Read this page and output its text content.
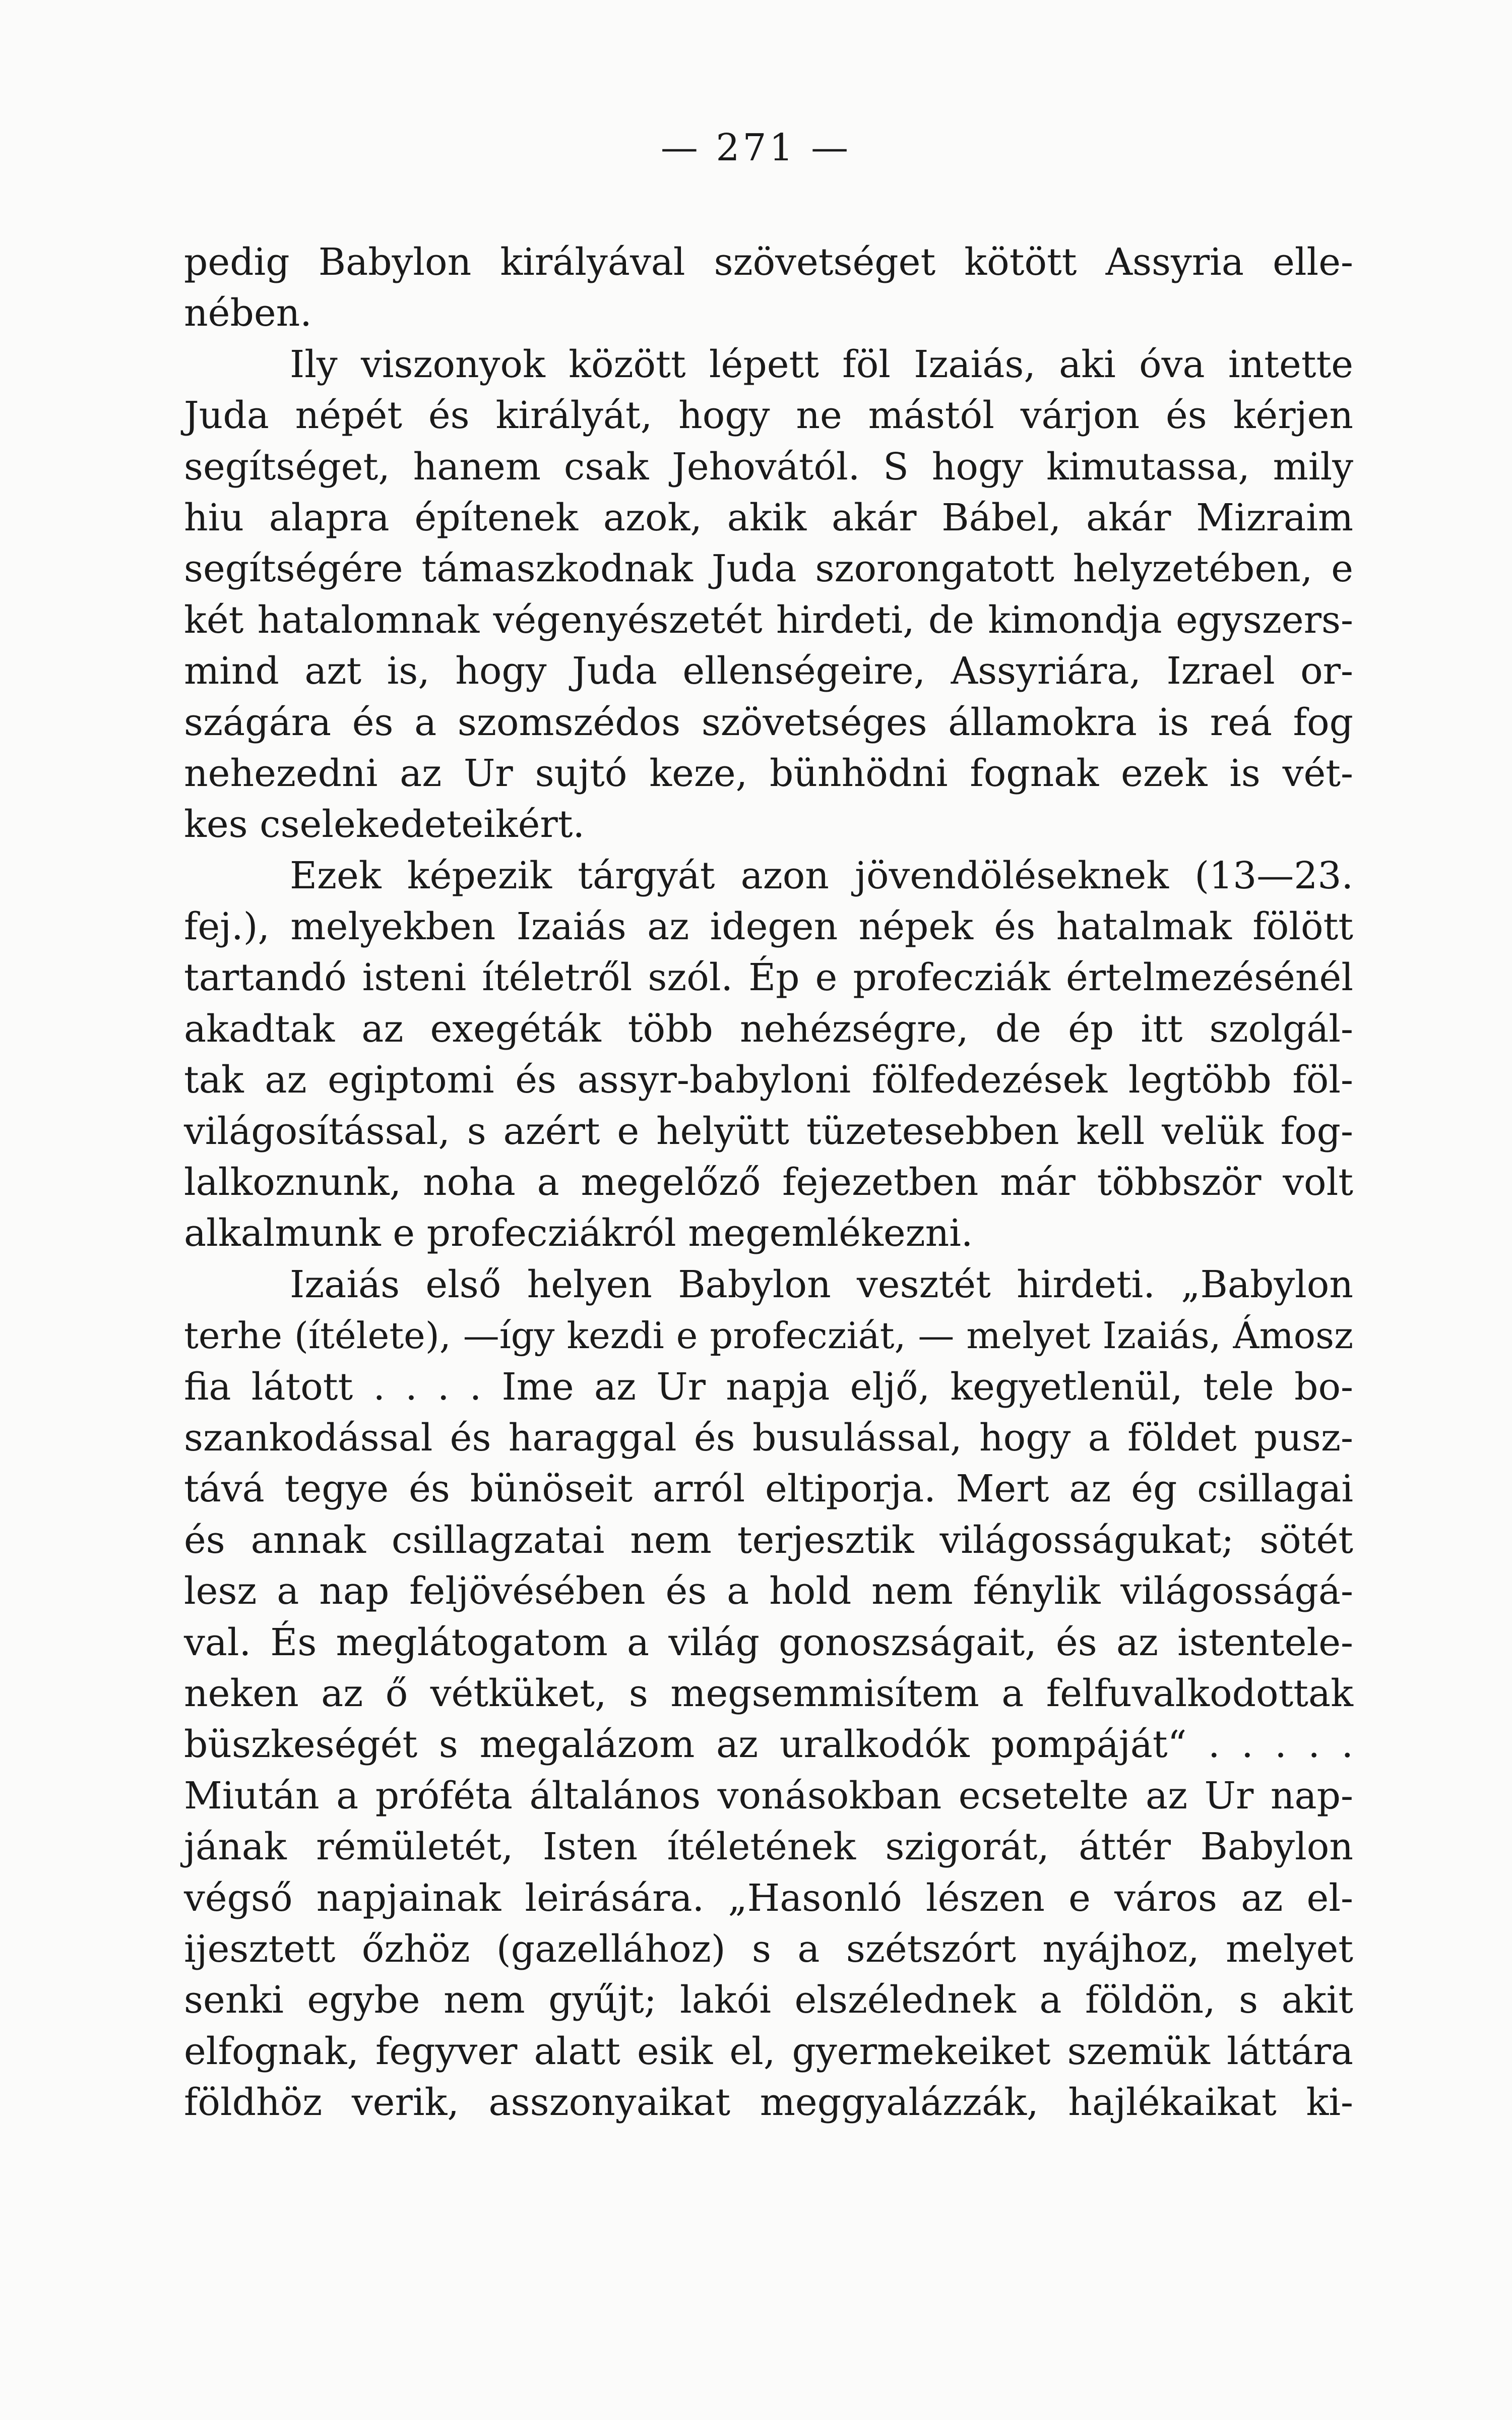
— 271 —
pedig Babylon királyával szövetséget kötött Assyria elle-
nében.
Ily viszonyok között lépett föl Izaiás, aki óva intette
Juda népét és királyát, hogy ne mástól várjon és kérjen
segítséget, hanem csak Jehovától. S hogy kimutassa, mily
hiu alapra építenek azok, akik akár Bábel, akár Mizraim
segítségére támaszkodnak Juda szorongatott helyzetében, e
két hatalomnak végenyészetét hirdeti, de kimondja egyszers-
mind azt is, hogy Juda ellenségeire, Assyriára, Izrael or-
szágára és a szomszédos szövetséges államokra is reá fog
nehezedni az Ur sujtó keze, bünhödni fognak ezek is vét-
kes cselekedeteikért.
Ezek képezik tárgyát azon jövendöléseknek (13—23.
fej.), melyekben Izaiás az idegen népek és hatalmak fölött
tartandó isteni ítéletről szól. Ép e profecziák értelmezésénél
akadtak az exegéták több nehézségre, de ép itt szolgál-
tak az egiptomi és assyr-babyloni fölfedezések legtöbb föl-
világosítással, s azért e helyütt tüzetesebben kell velük fog-
lalkoznunk, noha a megelőző fejezetben már többször volt
alkalmunk e profecziákról megemlékezni.
Izaiás első helyen Babylon vesztét hirdeti. „Babylon
terhe (ítélete), —így kezdi e profecziát, — melyet Izaiás, Ámosz
fia látott . . . . Ime az Ur napja eljő, kegyetlenül, tele bo-
szankodással és haraggal és busulással, hogy a földet pusz-
tává tegye és bünöseit arról eltiporja. Mert az ég csillagai
és annak csillagzatai nem terjesztik világosságukat; sötét
lesz a nap feljövésében és a hold nem fénylik világosságá-
val. És meglátogatom a világ gonoszságait, és az istentele-
neken az ő vétküket, s megsemmisítem a felfuvalkodottak
büszkeségét s megalázom az uralkodók pompáját“ . . . . .
Miután a próféta általános vonásokban ecsetelte az Ur nap-
jának rémületét, Isten ítéletének szigorát, áttér Babylon
végső napjainak leirására. „Hasonló lészen e város az el-
ijesztett őzhöz (gazellához) s a szétszórt nyájhoz, melyet
senki egybe nem gyűjt; lakói elszélednek a földön, s akit
elfognak, fegyver alatt esik el, gyermekeiket szemük láttára
földhöz verik, asszonyaikat meggyalázzák, hajlékaikat ki-
